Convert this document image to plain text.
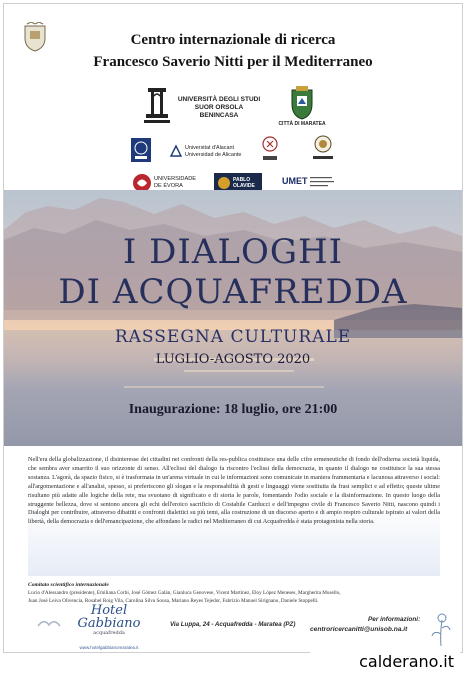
Centro internazionale di ricerca
Francesco Saverio Nitti per il Mediterraneo
UNIVERSITÀ DEGLI STUDI SUOR ORSOLA BENINCASA
CITTÀ DI MARATEA
Universitat d'Alacant Universidad de Alicante
UNIVERSIDADE DE ÉVORA
PABLO OLAVIDE	UMET
I DIALOGHI
DI ACQUAFREDDA
RASSEGNA CULTURALE
LUGLIO-AGOSTO 2020
Inaugurazione: 18 luglio, ore 21:00
Nell'era della globalizzazione, il disinteresse dei cittadini nei confronti della res-publica costituisce una delle cifre ermeneutiche di fondo dell'odierna società liquida, che sembra aver smarrito il suo orizzonte di senso. All'eclissi del dialogo fa riscontro l'eclissi della democrazia, in quanto il dialogo ne costituisce la sua stessa sostanza. L'agorà, da spazio fisico, si è trasformata in un'arena virtuale in cui le informazioni sono comunicate in maniera frammentaria e lacunosa attraverso i social: all'argomentazione e all'analisi, spesso, si preferiscono gli slogan e la responsabilità di gesti e linguaggi viene sostituita da frasi semplici e ad effetto; queste ultime risultano più adatte alle logiche della rete, ma svuotano di significato e di storia le parole, fomentando l'odio sociale e la disinformazione. In questo luogo della struggente bellezza, dove si sentono ancora gli echi dell'eroico sacrificio di Costabile Carducci e dell'impegno civile di Francesco Saverio Nitti, nascono quindi i Dialoghi per contribuire, attraverso dibattiti e confronti dialettici su più temi, alla costruzione di un discorso aperto e di ampio respiro culturale ispirato ai valori della libertà, della democrazia e dell'emancipazione, che affondano le radici nel Mediterraneo di cui Acquafredda è stata protagonista nella storia.
Comitato scientifico internazionale
Lucio d'Alessandro (presidente), Emiliana Corbi, José Gómez Galán, Gianluca Genovese, Vicent Martínez, Eloy López Meneses, Margherita Musello,
Juan José Leiva Olivencia, Rosabel Roig Vila, Carolina Silva Sousa, Mariano Reyes Tejedor, Fabrizio Manuel Sirignano, Daniele Stoppelli.
Hotel
Gabbiano
acquafredda
www.hotelgabbianomaratea.it
Via Luppa, 24 - Acquafredda - Maratea (PZ)
Per informazioni:
centroricercanitti@unisob.na.it
calderano.it
